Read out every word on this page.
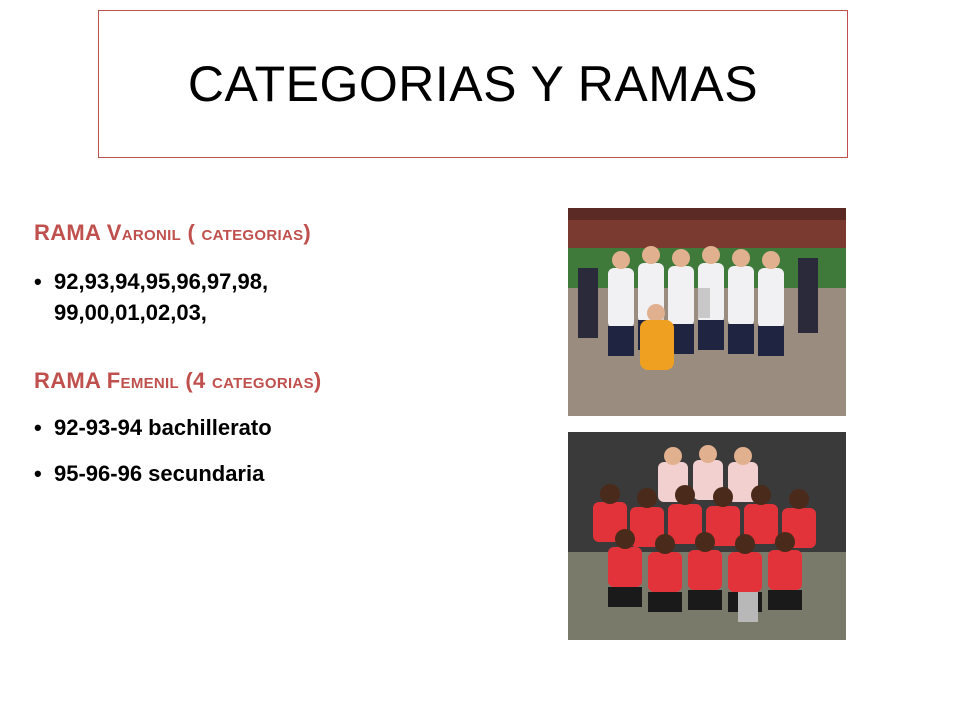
CATEGORIAS Y RAMAS
RAMA Varonil ( categorias)
• 92,93,94,95,96,97,98, 99,00,01,02,03,
RAMA Femenil (4 categorias)
• 92-93-94 bachillerato
• 95-96-96 secundaria
